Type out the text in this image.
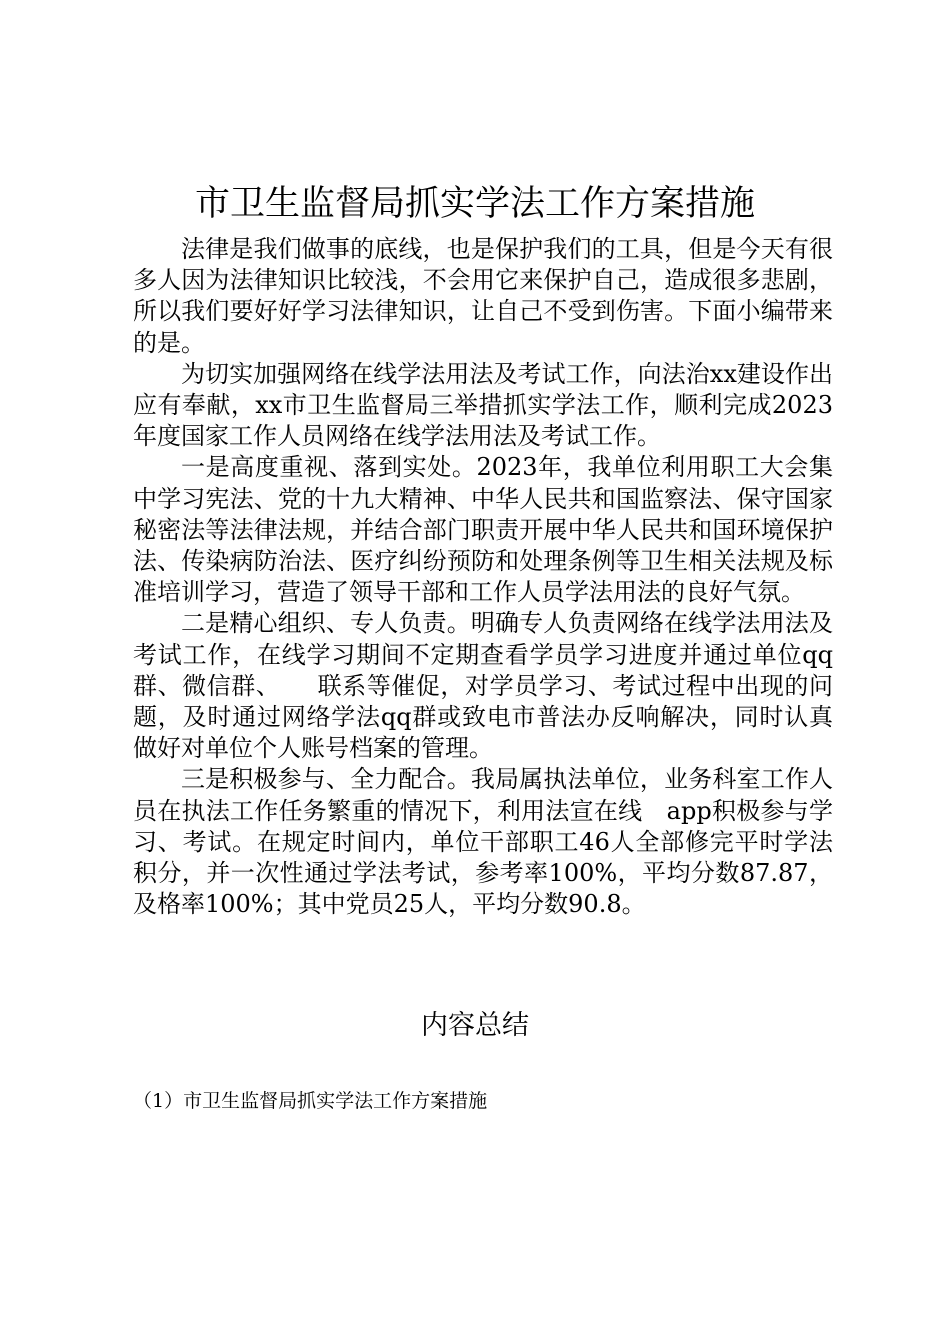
市卫生监督局抓实学法工作方案措施

法律是我们做事的底线，也是保护我们的工具，但是今天有很多人因为法律知识比较浅，不会用它来保护自己，造成很多悲剧，所以我们要好好学习法律知识，让自己不受到伤害。下面小编带来的是。

为切实加强网络在线学法用法及考试工作，向法治xx建设作出应有奉献，xx市卫生监督局三举措抓实学法工作，顺利完成2023年度国家工作人员网络在线学法用法及考试工作。

一是高度重视、落到实处。2023年，我单位利用职工大会集中学习宪法、党的十九大精神、中华人民共和国监察法、保守国家秘密法等法律法规，并结合部门职责开展中华人民共和国环境保护法、传染病防治法、医疗纠纷预防和处理条例等卫生相关法规及标准培训学习，营造了领导干部和工作人员学法用法的良好气氛。

二是精心组织、专人负责。明确专人负责网络在线学法用法及考试工作，在线学习期间不定期查看学员学习进度并通过单位qq群、微信群、　　联系等催促，对学员学习、考试过程中出现的问题，及时通过网络学法qq群或致电市普法办反响解决，同时认真做好对单位个人账号档案的管理。

三是积极参与、全力配合。我局属执法单位，业务科室工作人员在执法工作任务繁重的情况下，利用法宣在线　app积极参与学习、考试。在规定时间内，单位干部职工46人全部修完平时学法积分，并一次性通过学法考试，参考率100%，平均分数87.87，及格率100%；其中党员25人，平均分数90.8。

内容总结

（1）市卫生监督局抓实学法工作方案措施
